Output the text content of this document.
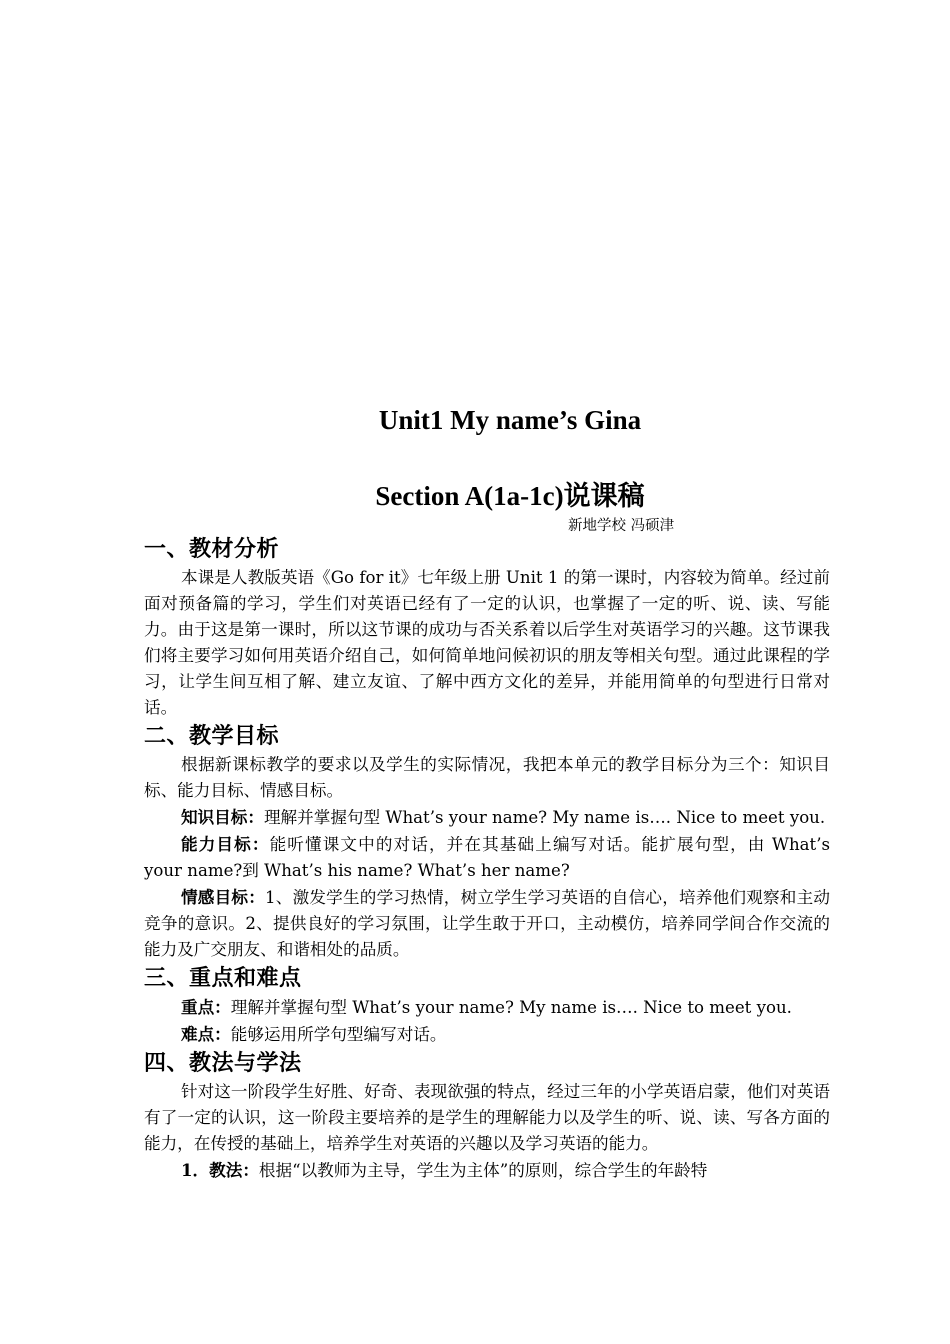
Unit1 My name’s Gina
Section A(1a-1c)说课稿
新地学校 冯硕津
一、教材分析

本课是人教版英语《Go for it》七年级上册 Unit 1 的第一课时，内容较为简单。经过前面对预备篇的学习，学生们对英语已经有了一定的认识，也掌握了一定的听、说、读、写能力。由于这是第一课时，所以这节课的成功与否关系着以后学生对英语学习的兴趣。这节课我们将主要学习如何用英语介绍自己，如何简单地问候初识的朋友等相关句型。通过此课程的学习，让学生间互相了解、建立友谊、了解中西方文化的差异，并能用简单的句型进行日常对话。

二、教学目标

根据新课标教学的要求以及学生的实际情况，我把本单元的教学目标分为三个：知识目标、能力目标、情感目标。

知识目标：理解并掌握句型 What’s your name? My name is…. Nice to meet you.

能力目标：能听懂课文中的对话，并在其基础上编写对话。能扩展句型，由 What’s your name?到 What’s his name? What’s her name?

情感目标：1、激发学生的学习热情，树立学生学习英语的自信心，培养他们观察和主动竞争的意识。2、提供良好的学习氛围，让学生敢于开口，主动模仿，培养同学间合作交流的能力及广交朋友、和谐相处的品质。

三、重点和难点

重点：理解并掌握句型 What’s your name? My name is…. Nice to meet you.

难点：能够运用所学句型编写对话。

四、教法与学法

针对这一阶段学生好胜、好奇、表现欲强的特点，经过三年的小学英语启蒙，他们对英语有了一定的认识，这一阶段主要培养的是学生的理解能力以及学生的听、说、读、写各方面的能力，在传授的基础上，培养学生对英语的兴趣以及学习英语的能力。

1．教法：根据“以教师为主导，学生为主体”的原则，综合学生的年龄特
